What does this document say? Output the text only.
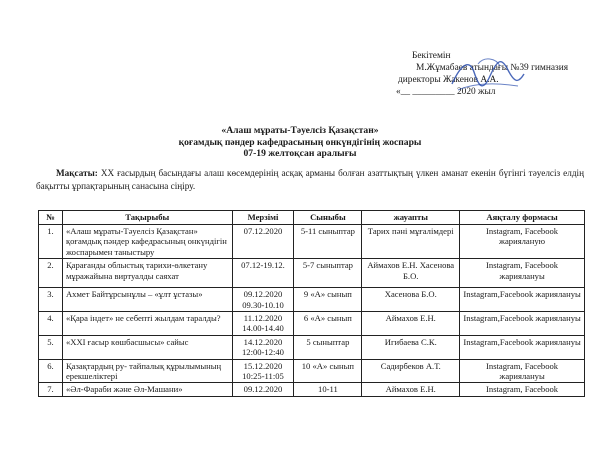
Бекітемін
М.Жұмабаев атындағы №39 гимназия
директоры Жакенов А.А.
«__ _________ 2020 жыл
«Алаш мұраты-Тәуелсіз Қазақстан»
қоғамдық пәндер кафедрасының онкүндігінің жоспары
07-19 желтоқсан аралығы
Мақсаты: XX ғасырдың басындағы алаш көсемдерінің асқақ арманы болған азаттықтың үлкен аманат екенін бүгінгі тәуелсіз елдің бақытты ұрпақтарының санасына сіңіру.
№	Тақырыбы	Мерзімі	Сыныбы	жауапты	Аяқталу формасы
1.	«Алаш мұраты-Тәуелсіз Қазақстан» қоғамдық пәндер кафедрасының онкүндігін жоспарымен таныстыру	07.12.2020	5-11 сыныптар	Тарих пәні мұғалімдері	Instagram, Facebook жарияланую
2.	Қарағанды облыстық тарихи-өлкетану мұражайына виртуалды саяхат	07.12-19.12.	5-7 сыныптар	Аймахов Е.Н. Хасенова Б.О.	Instagram, Facebook жариялануы
3.	Ахмет Байтұрсынұлы – «ұлт ұстазы»	09.12.2020 09.30-10.10	9 «А» сынып	Хасенова Б.О.	Instagram,Facebook жариялануы
4.	«Қара індет» не себепті жылдам таралды?	11.12.2020 14.00-14.40	6 «А» сынып	Аймахов Е.Н.	Instagram,Facebook жариялануы
5.	«XXI ғасыр көшбасшысы» сайыс	14.12.2020 12:00-12:40	5 сыныптар	Игибаева С.К.	Instagram,Facebook жариялануы
6.	Қазақтардың ру- тайпалық құрылымының ерекшеліктері	15.12.2020 10:25-11:05	10 «А» сынып	Садирбеков А.Т.	Instagram, Facebook жариялануы
7.	«Әл-Фараби және Әл-Машани»	09.12.2020	10-11	Аймахов Е.Н.	Instagram, Facebook
